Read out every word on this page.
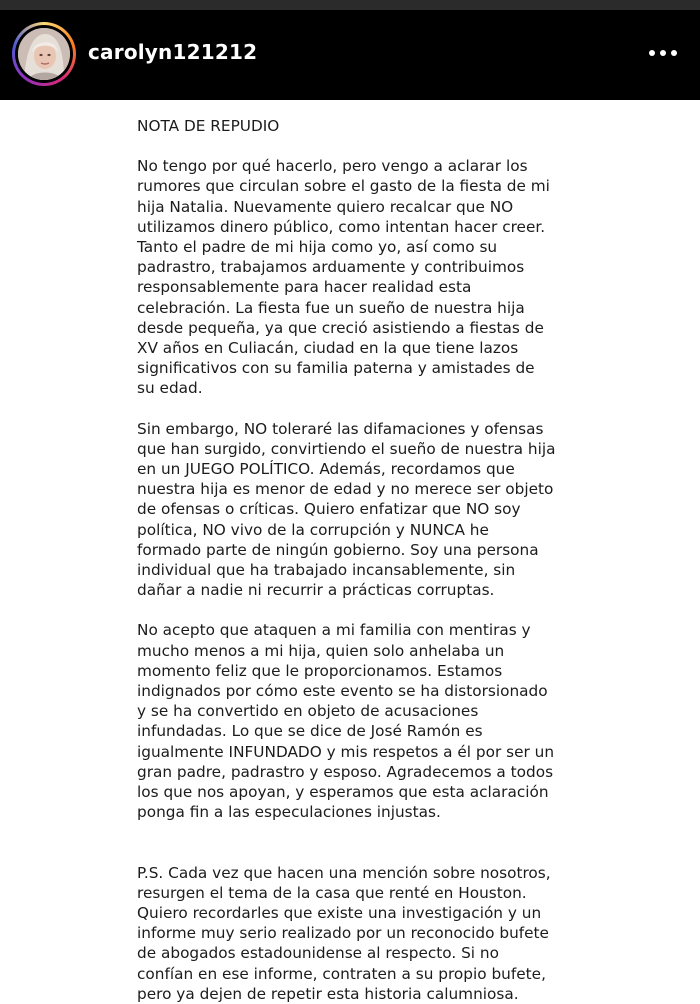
carolyn121212

NOTA DE REPUDIO

No tengo por qué hacerlo, pero vengo a aclarar los rumores que circulan sobre el gasto de la fiesta de mi hija Natalia. Nuevamente quiero recalcar que NO utilizamos dinero público, como intentan hacer creer. Tanto el padre de mi hija como yo, así como su padrastro, trabajamos arduamente y contribuimos responsablemente para hacer realidad esta celebración. La fiesta fue un sueño de nuestra hija desde pequeña, ya que creció asistiendo a fiestas de XV años en Culiacán, ciudad en la que tiene lazos significativos con su familia paterna y amistades de su edad.

Sin embargo, NO toleraré las difamaciones y ofensas que han surgido, convirtiendo el sueño de nuestra hija en un JUEGO POLÍTICO. Además, recordamos que nuestra hija es menor de edad y no merece ser objeto de ofensas o críticas. Quiero enfatizar que NO soy política, NO vivo de la corrupción y NUNCA he formado parte de ningún gobierno. Soy una persona individual que ha trabajado incansablemente, sin dañar a nadie ni recurrir a prácticas corruptas.

No acepto que ataquen a mi familia con mentiras y mucho menos a mi hija, quien solo anhelaba un momento feliz que le proporcionamos. Estamos indignados por cómo este evento se ha distorsionado y se ha convertido en objeto de acusaciones infundadas. Lo que se dice de José Ramón es igualmente INFUNDADO y mis respetos a él por ser un gran padre, padrastro y esposo. Agradecemos a todos los que nos apoyan, y esperamos que esta aclaración ponga fin a las especulaciones injustas.

P.S. Cada vez que hacen una mención sobre nosotros, resurgen el tema de la casa que renté en Houston. Quiero recordarles que existe una investigación y un informe muy serio realizado por un reconocido bufete de abogados estadounidense al respecto. Si no confían en ese informe, contraten a su propio bufete, pero ya dejen de repetir esta historia calumniosa.
